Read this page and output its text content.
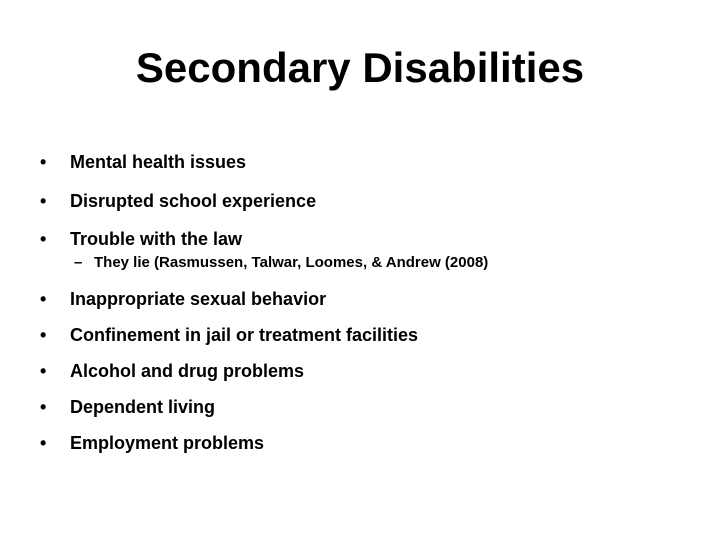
Secondary Disabilities
• Mental health issues
• Disrupted school experience
• Trouble with the law
– They lie (Rasmussen, Talwar, Loomes, & Andrew (2008)
• Inappropriate sexual behavior
• Confinement in jail or treatment facilities
• Alcohol and drug problems
• Dependent living
• Employment problems
